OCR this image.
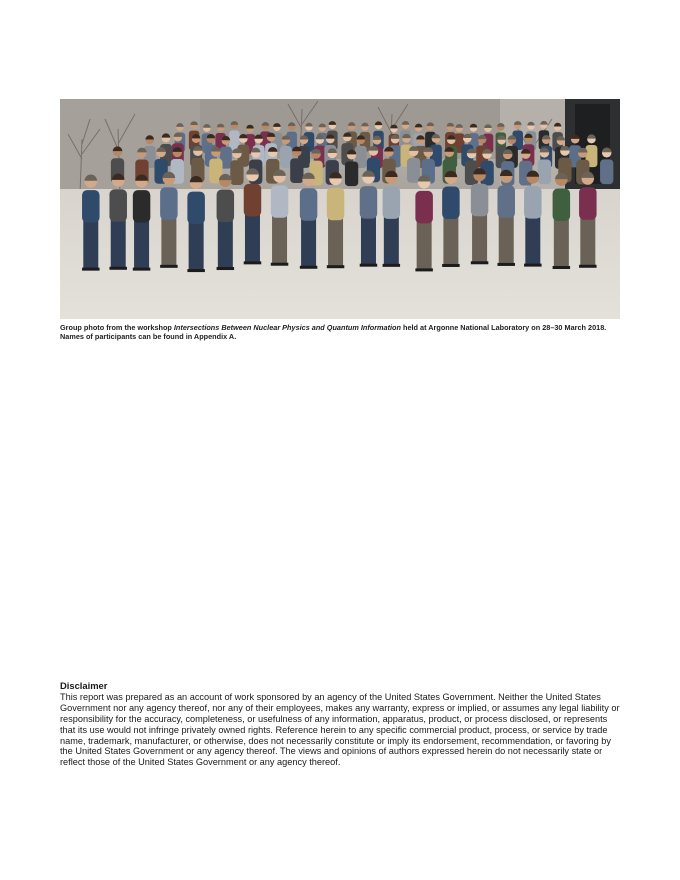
Group photo from the workshop Intersections Between Nuclear Physics and Quantum Information held at Argonne National Laboratory on 28–30 March 2018. Names of participants can be found in Appendix A.

Disclaimer

This report was prepared as an account of work sponsored by an agency of the United States Government. Neither the United States Government nor any agency thereof, nor any of their employees, makes any warranty, express or implied, or assumes any legal liability or responsibility for the accuracy, completeness, or usefulness of any information, apparatus, product, or process disclosed, or represents that its use would not infringe privately owned rights. Reference herein to any specific commercial product, process, or service by trade name, trademark, manufacturer, or otherwise, does not necessarily constitute or imply its endorsement, recommendation, or favoring by the United States Government or any agency thereof. The views and opinions of authors expressed herein do not necessarily state or reflect those of the United States Government or any agency thereof.
